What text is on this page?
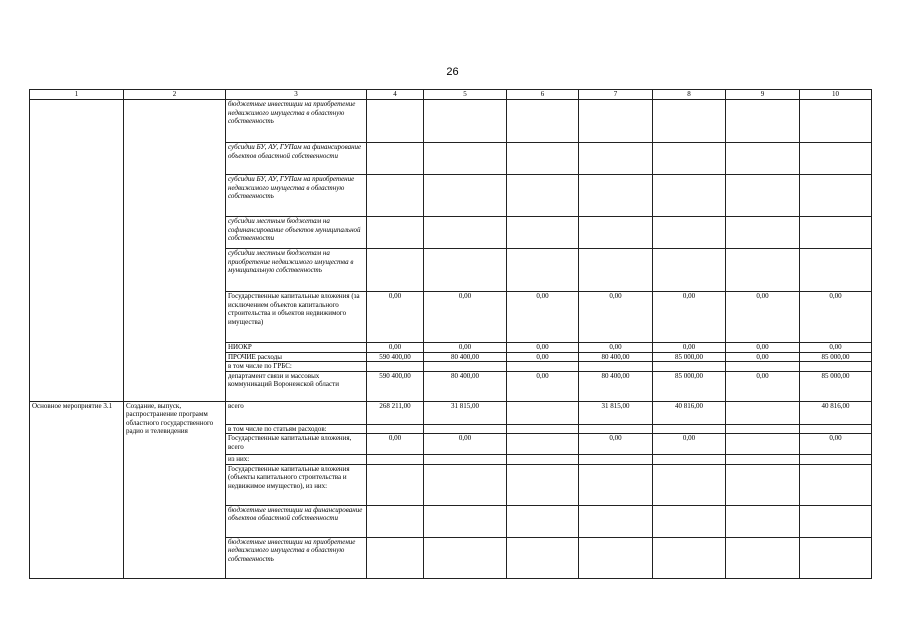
26
1	2	3	4	5	6	7	8	9	10
		бюджетные инвестиции на приобретение недвижимого имущества в областную собственность							
		субсидии БУ, АУ, ГУПам на финансирование объектов областной собственности							
		субсидии БУ, АУ, ГУПам на приобретение недвижимого имущества в областную собственность							
		субсидии местным бюджетам на софинансирование объектов муниципальной собственности							
		субсидии местным бюджетам на приобретение недвижимого имущества в муниципальную собственность							
		Государственные капитальные вложения (за исключением объектов капитального строительства и объектов недвижимого имущества)	0,00	0,00	0,00	0,00	0,00	0,00	0,00
		НИОКР	0,00	0,00	0,00	0,00	0,00	0,00	0,00
		ПРОЧИЕ расходы	590 400,00	80 400,00	0,00	80 400,00	85 000,00	0,00	85 000,00
		в том числе по ГРБС:							
		департамент связи и массовых коммуникаций Воронежской области	590 400,00	80 400,00	0,00	80 400,00	85 000,00	0,00	85 000,00
Основное мероприятие 3.1	Создание, выпуск, распространение программ областного государственного радио и телевидения	всего	268 211,00	31 815,00		31 815,00	40 816,00		40 816,00
		в том числе по статьям расходов:							
		Государственные капитальные вложения, всего	0,00	0,00		0,00	0,00		0,00
		из них:							
		Государственные капитальные вложения (объекты капитального строительства и недвижимое имущество), из них:							
		бюджетные инвестиции на финансирование объектов областной собственности							
		бюджетные инвестиции на приобретение недвижимого имущества в областную собственность							
